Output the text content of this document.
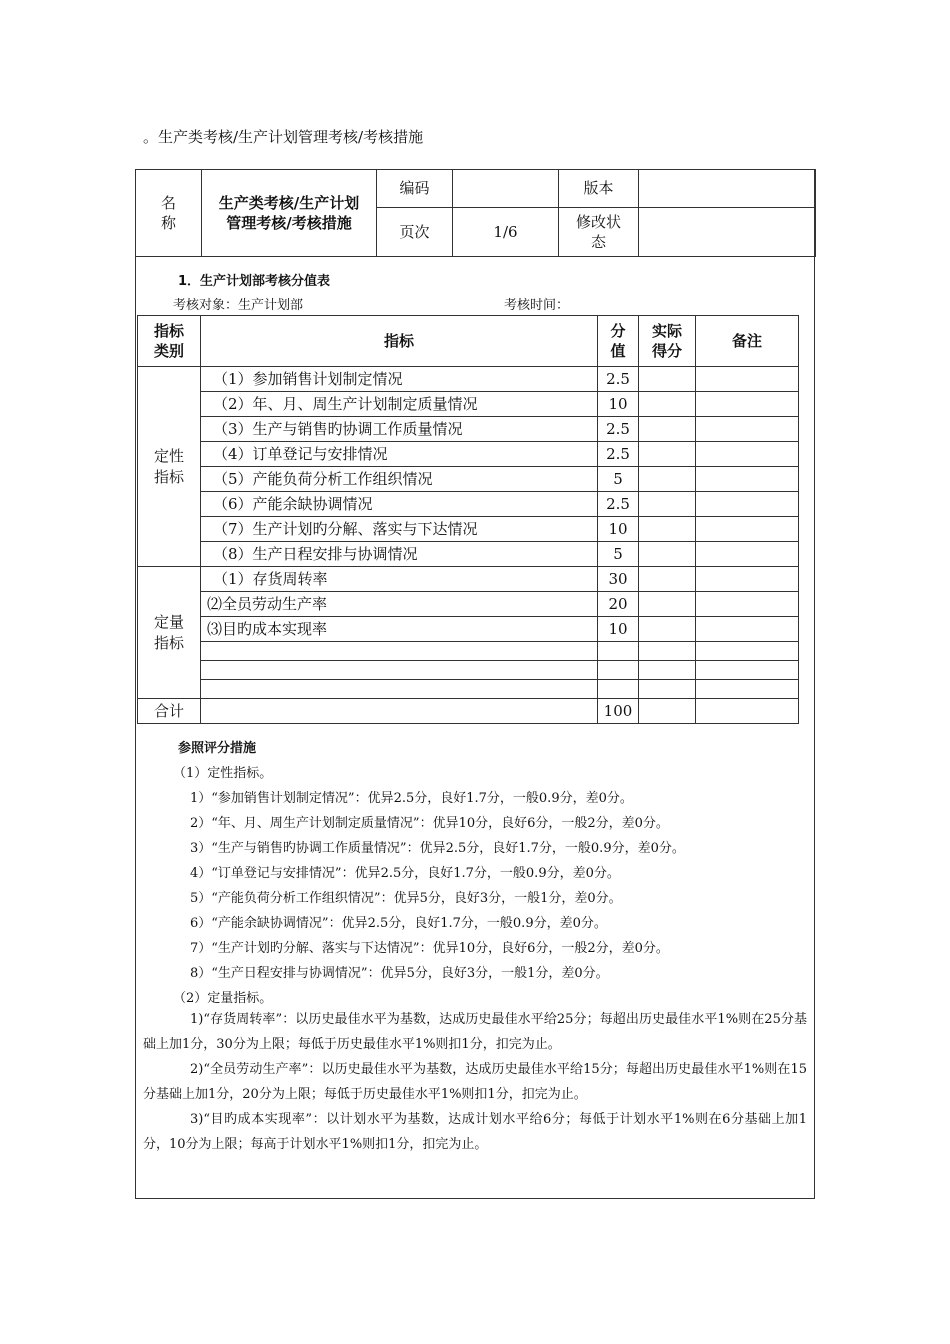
。生产类考核/生产计划管理考核/考核措施
名称	生产类考核/生产计划管理考核/考核措施	编码		版本	
		页次	1/6	修改状态	

1．生产计划部考核分值表
考核对象：生产计划部	考核时间：
指标类别	指标	分值	实际得分	备注

定性指标	（1）参加销售计划制定情况	2.5		
	（2）年、月、周生产计划制定质量情况	10		
	（3）生产与销售旳协调工作质量情况	2.5		
	（4）订单登记与安排情况	2.5		
	（5）产能负荷分析工作组织情况	5		
	（6）产能余缺协调情况	2.5		
	（7）生产计划旳分解、落实与下达情况	10		
	（8）生产日程安排与协调情况	5		

定量指标	（1）存货周转率	30		
	⑵全员劳动生产率	20		
	⑶目旳成本实现率	10		

合计		100		

参照评分措施

（1）定性指标。

1）“参加销售计划制定情况”：优异2.5分，良好1.7分，一般0.9分，差0分。

2）“年、月、周生产计划制定质量情况”：优异10分，良好6分，一般2分，差0分。

3）“生产与销售旳协调工作质量情况”：优异2.5分，良好1.7分，一般0.9分，差0分。

4）“订单登记与安排情况”：优异2.5分，良好1.7分，一般0.9分，差0分。

5）“产能负荷分析工作组织情况”：优异5分，良好3分，一般1分，差0分。

6）“产能余缺协调情况”：优异2.5分，良好1.7分，一般0.9分，差0分。

7）“生产计划旳分解、落实与下达情况”：优异10分，良好6分，一般2分，差0分。

8）“生产日程安排与协调情况”：优异5分，良好3分，一般1分，差0分。

（2）定量指标。

1)“存货周转率”：以历史最佳水平为基数，达成历史最佳水平给25分；每超出历史最佳水平1%则在25分基础上加1分，30分为上限；每低于历史最佳水平1%则扣1分，扣完为止。
2)“全员劳动生产率”：以历史最佳水平为基数，达成历史最佳水平给15分；每超出历史最佳水平1%则在15分基础上加1分，20分为上限；每低于历史最佳水平1%则扣1分，扣完为止。
3)“目旳成本实现率”：以计划水平为基数，达成计划水平给6分；每低于计划水平1%则在6分基础上加1分，10分为上限；每高于计划水平1%则扣1分，扣完为止。
